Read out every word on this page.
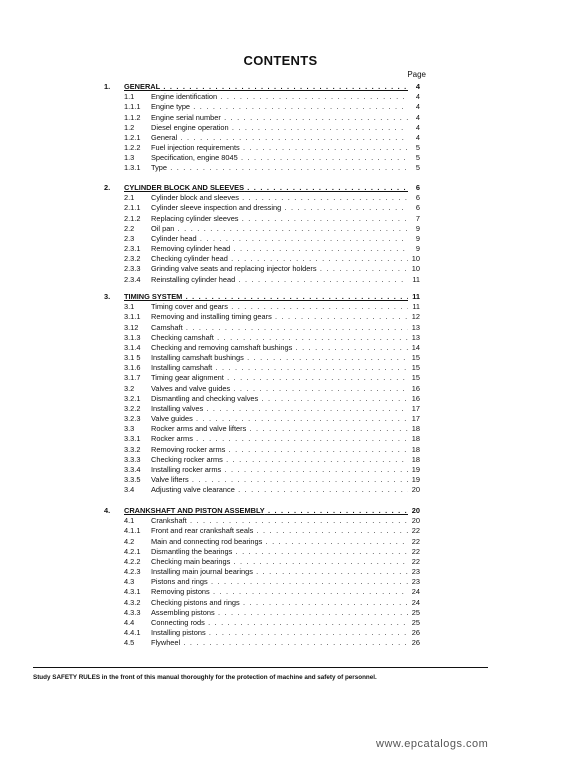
CONTENTS
Page
1. GENERAL . . .	4
1.1 Engine identification . . .	4
1.1.1 Engine type . . .	4
1.1.2 Engine serial number . . .	4
1.2 Diesel engine operation . . .	4
1.2.1 General . . .	4
1.2.2 Fuel injection requirements . . .	5
1.3 Specification, engine 8045 . . .	5
1.3.1 Type . . .	5
2. CYLINDER BLOCK AND SLEEVES . . .	6
2.1 Cylinder block and sleeves . . .	6
2.1.1 Cylinder sleeve inspection and dressing . . .	6
2.1.2 Replacing cylinder sleeves . . .	7
2.2 Oil pan . . .	9
2.3 Cylinder head . . .	9
2.3.1 Removing cylinder head . . .	9
2.3.2 Checking cylinder head . . .	10
2.3.3 Grinding valve seats and replacing injector holders . . .	10
2.3.4 Reinstalling cylinder head . . .	11
3. TIMING SYSTEM . . .	11
3.1 Timing cover and gears . . .	11
3.1.1 Removing and installing timing gears . . .	12
3.12 Camshaft . . .	13
3.1.3 Checking camshaft . . .	13
3.1.4 Checking and removing camshaft bushings . . .	14
3.1 5 Installing camshaft bushings . . .	15
3.1.6 Installing camshaft . . .	15
3.1.7 Timing gear alignment . . .	15
3.2 Valves and valve guides . . .	16
3.2.1 Dismantling and checking valves . . .	16
3.2.2 Installing valves . . .	17
3.2.3 Valve guides . . .	17
3.3 Rocker arms and valve lifters . . .	18
3.3.1 Rocker arms . . .	18
3.3.2 Removing rocker arms . . .	18
3.3.3 Checking rocker arms . . .	18
3.3.4 Installing rocker arms . . .	19
3.3.5 Valve lifters . . .	19
3.4 Adjusting valve clearance . . .	20
4. CRANKSHAFT AND PISTON ASSEMBLY . . .	20
4.1 Crankshaft . . .	20
4.1.1 Front and rear crankshaft seals . . .	22
4.2 Main and connecting rod bearings . . .	22
4.2.1 Dismantling the bearings . . .	22
4.2.2 Checking main bearings . . .	22
4.2.3 Installing main journal bearings . . .	23
4.3 Pistons and rings . . .	23
4.3.1 Removing pistons . . .	24
4.3.2 Checking pistons and rings . . .	24
4.3.3 Assembling pistons . . .	25
4.4 Connecting rods . . .	25
4.4.1 Installing pistons . . .	26
4.5 Flywheel . . .	26
Study SAFETY RULES in the front of this manual thoroughly for the protection of machine and safety of personnel.
www.epcatalogs.com
